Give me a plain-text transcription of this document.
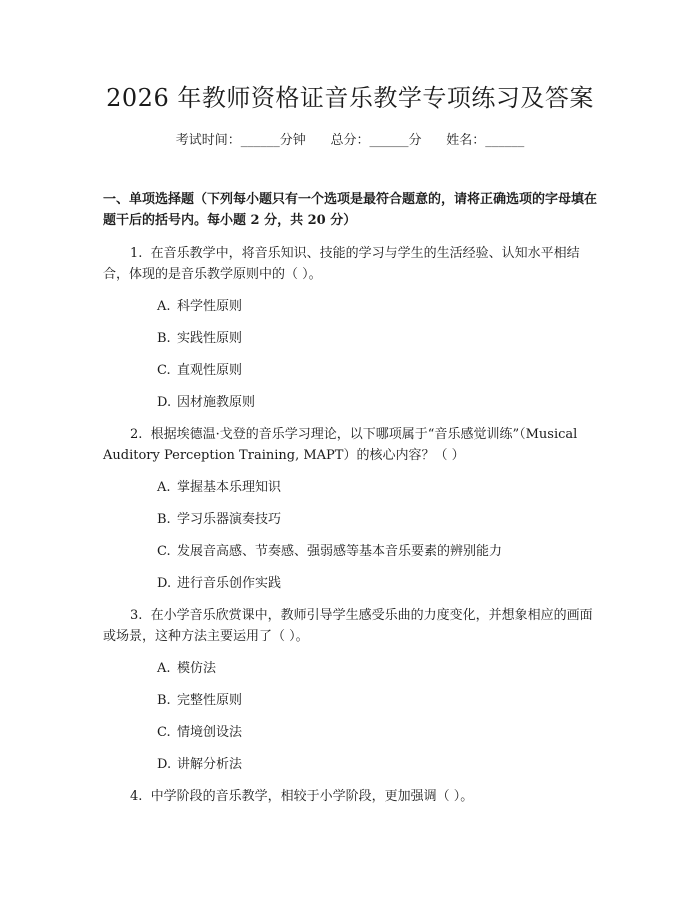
2026 年教师资格证音乐教学专项练习及答案
考试时间：______分钟      总分：______分      姓名：______
一、单项选择题（下列每小题只有一个选项是最符合题意的，请将正确选项的字母填在题干后的括号内。每小题 2 分，共 20 分）
1. 在音乐教学中，将音乐知识、技能的学习与学生的生活经验、认知水平相结合，体现的是音乐教学原则中的（ ）。
A. 科学性原则
B. 实践性原则
C. 直观性原则
D. 因材施教原则
2. 根据埃德温·戈登的音乐学习理论，以下哪项属于“音乐感觉训练”（Musical Auditory Perception Training, MAPT）的核心内容？（ ）
A. 掌握基本乐理知识
B. 学习乐器演奏技巧
C. 发展音高感、节奏感、强弱感等基本音乐要素的辨别能力
D. 进行音乐创作实践
3. 在小学音乐欣赏课中，教师引导学生感受乐曲的力度变化，并想象相应的画面或场景，这种方法主要运用了（ ）。
A. 模仿法
B. 完整性原则
C. 情境创设法
D. 讲解分析法
4. 中学阶段的音乐教学，相较于小学阶段，更加强调（ ）。
